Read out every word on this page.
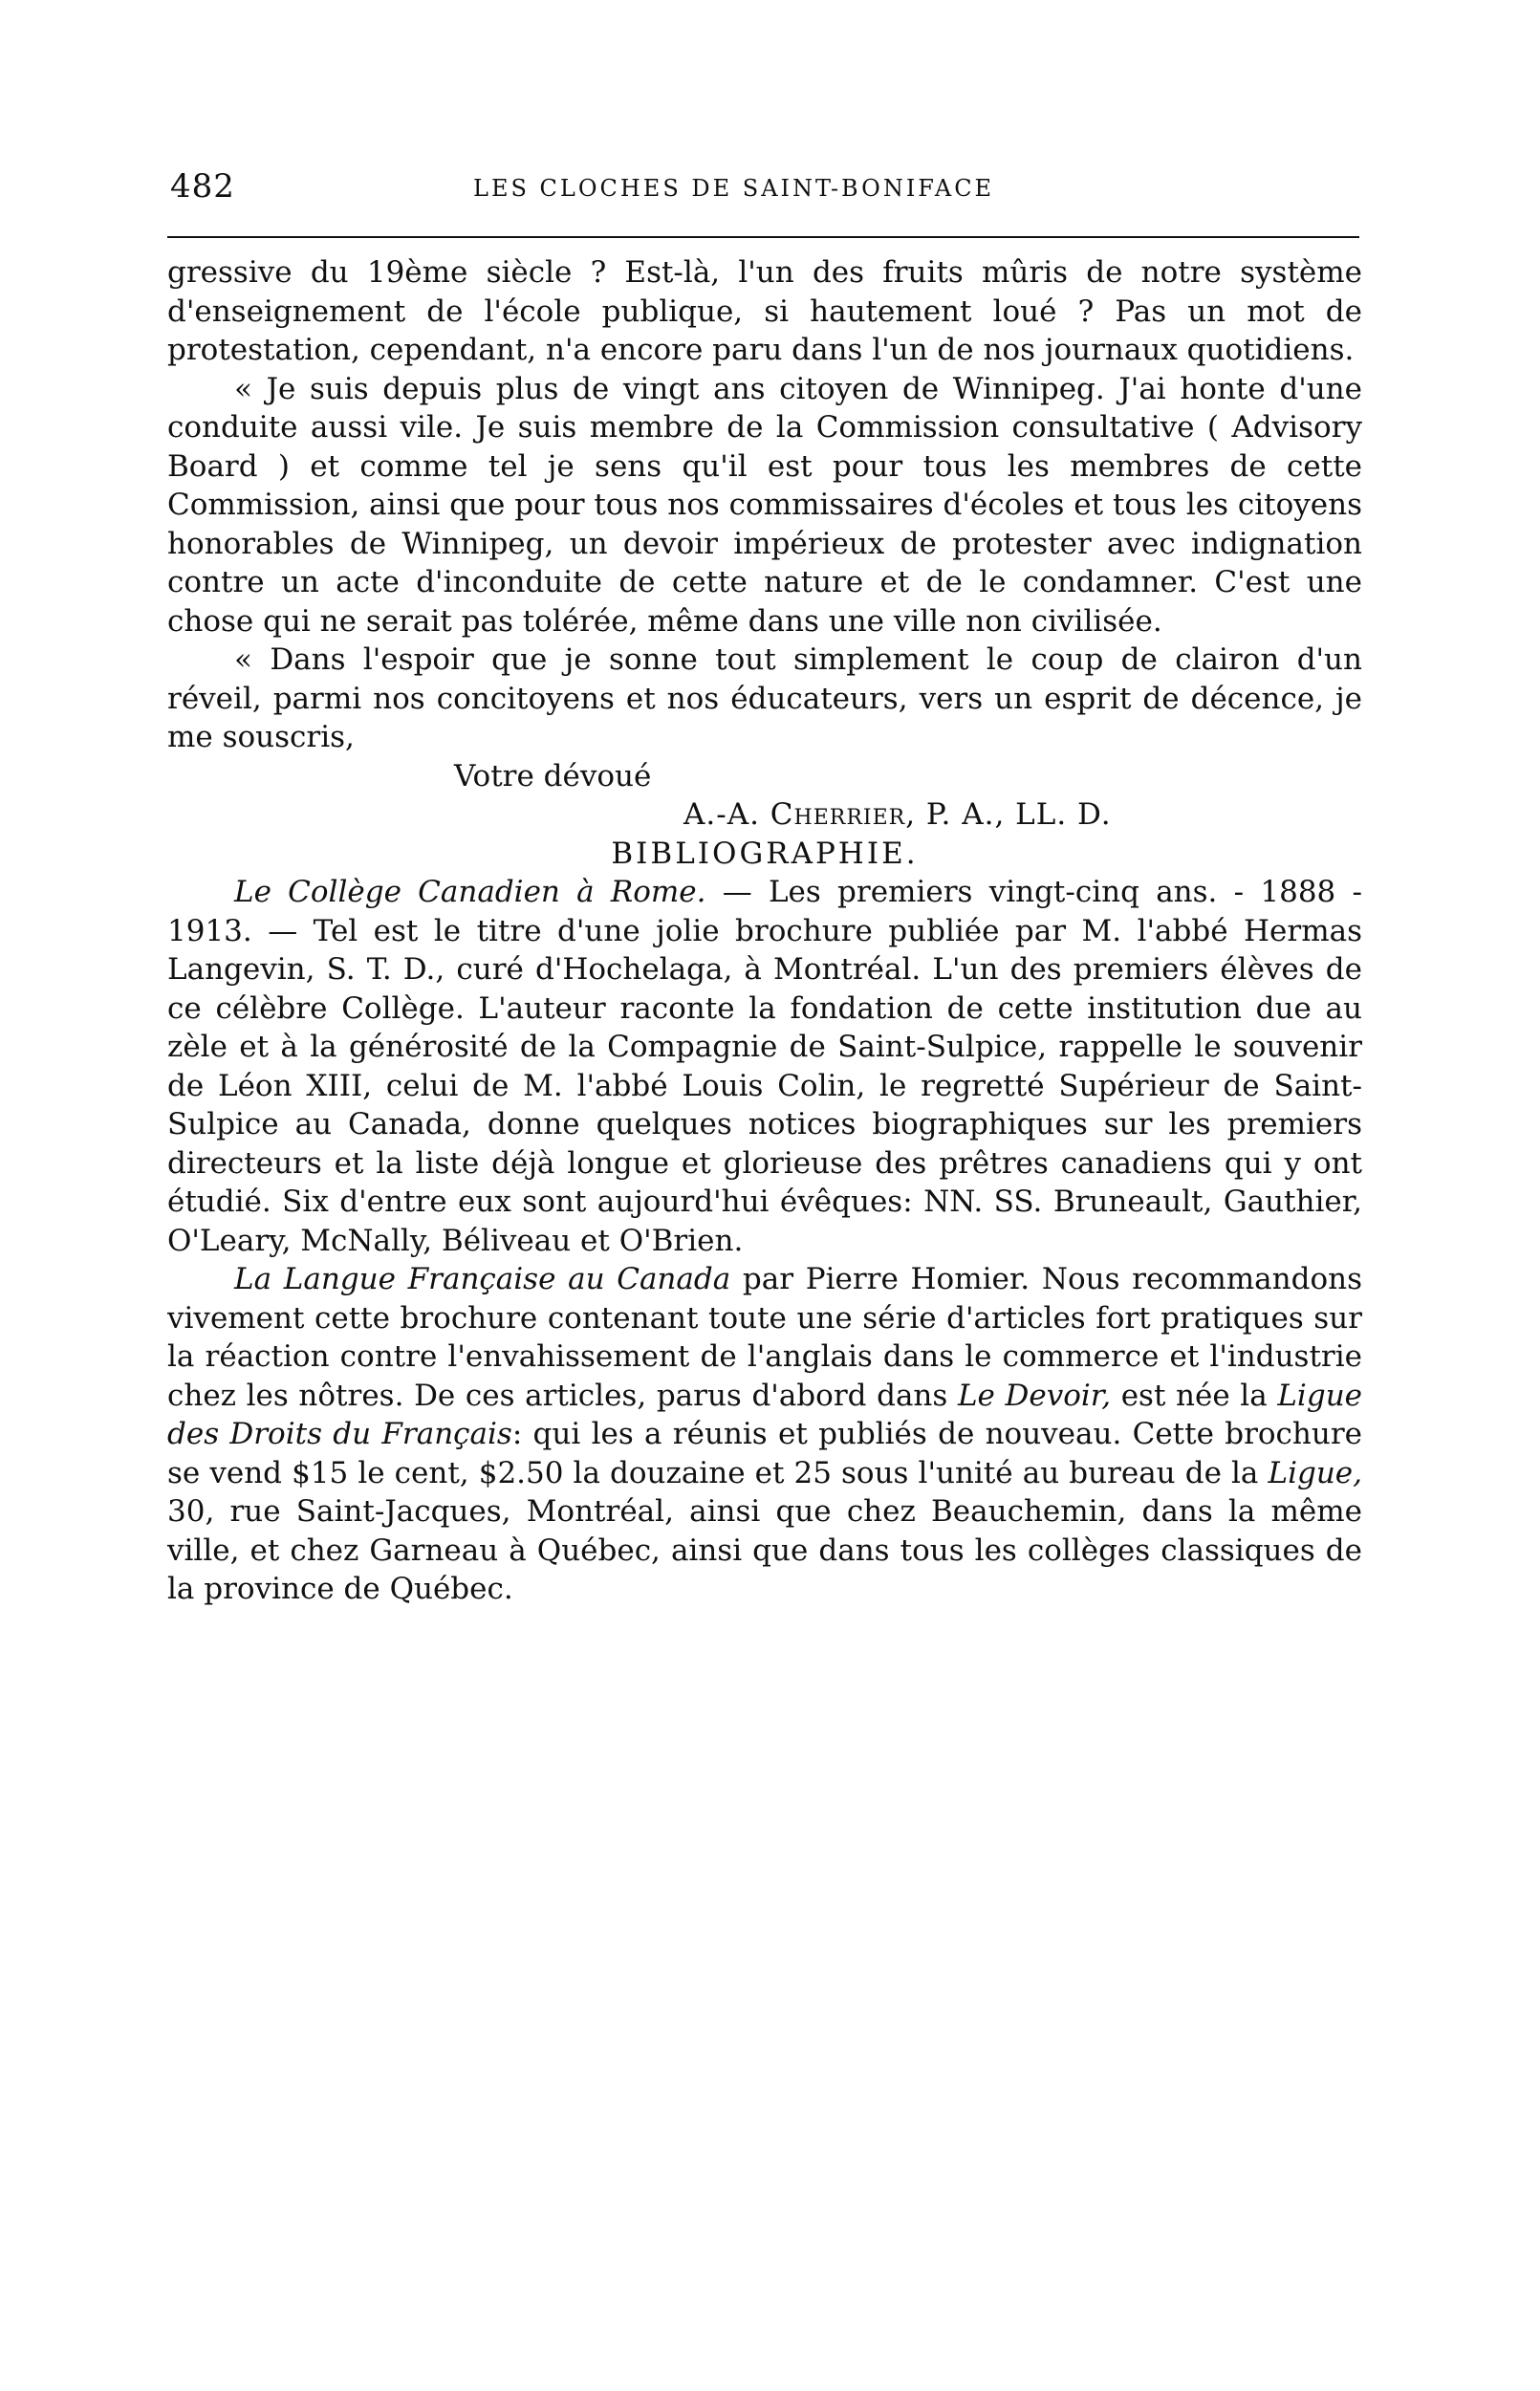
482	LES CLOCHES DE SAINT-BONIFACE

gressive du 19ème siècle ? Est-là, l'un des fruits mûris de notre système d'enseignement de l'école publique, si hautement loué ? Pas un mot de protestation, cependant, n'a encore paru dans l'un de nos journaux quotidiens.

« Je suis depuis plus de vingt ans citoyen de Winnipeg. J'ai honte d'une conduite aussi vile. Je suis membre de la Commission consultative ( Advisory Board ) et comme tel je sens qu'il est pour tous les membres de cette Commission, ainsi que pour tous nos commissaires d'écoles et tous les citoyens honorables de Winnipeg, un devoir impérieux de protester avec indignation contre un acte d'inconduite de cette nature et de le condamner. C'est une chose qui ne serait pas tolérée, même dans une ville non civilisée.

« Dans l'espoir que je sonne tout simplement le coup de clairon d'un réveil, parmi nos concitoyens et nos éducateurs, vers un esprit de décence, je me souscris,

Votre dévoué

A.-A. Cherrier, P. A., LL. D.

BIBLIOGRAPHIE.

Le Collège Canadien à Rome. — Les premiers vingt-cinq ans. - 1888 - 1913. — Tel est le titre d'une jolie brochure publiée par M. l'abbé Hermas Langevin, S. T. D., curé d'Hochelaga, à Montréal. L'un des premiers élèves de ce célèbre Collège. L'auteur raconte la fondation de cette institution due au zèle et à la générosité de la Compagnie de Saint-Sulpice, rappelle le souvenir de Léon XIII, celui de M. l'abbé Louis Colin, le regretté Supérieur de Saint-Sulpice au Canada, donne quelques notices biographiques sur les premiers directeurs et la liste déjà longue et glorieuse des prêtres canadiens qui y ont étudié. Six d'entre eux sont aujourd'hui évêques: NN. SS. Bruneault, Gauthier, O'Leary, McNally, Béliveau et O'Brien.

La Langue Française au Canada par Pierre Homier. Nous recommandons vivement cette brochure contenant toute une série d'articles fort pratiques sur la réaction contre l'envahissement de l'anglais dans le commerce et l'industrie chez les nôtres. De ces articles, parus d'abord dans Le Devoir, est née la Ligue des Droits du Français: qui les a réunis et publiés de nouveau. Cette brochure se vend $15 le cent, $2.50 la douzaine et 25 sous l'unité au bureau de la Ligue, 30, rue Saint-Jacques, Montréal, ainsi que chez Beauchemin, dans la même ville, et chez Garneau à Québec, ainsi que dans tous les collèges classiques de la province de Québec.
